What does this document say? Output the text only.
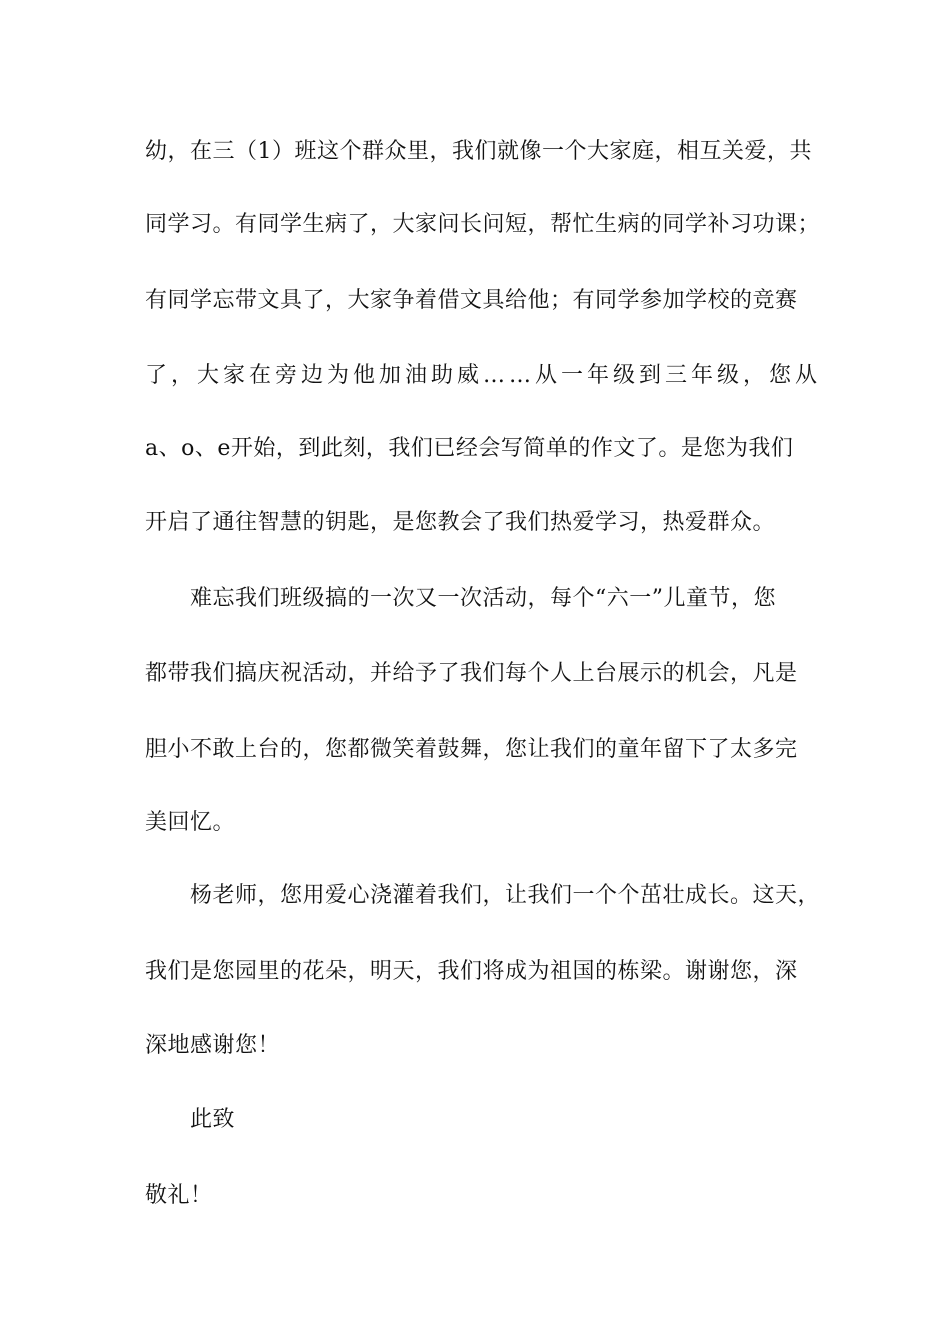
幼，在三（1）班这个群众里，我们就像一个大家庭，相互关爱，共
同学习。有同学生病了，大家问长问短，帮忙生病的同学补习功课；
有同学忘带文具了，大家争着借文具给他；有同学参加学校的竞赛
了，大家在旁边为他加油助威……从一年级到三年级，您从
a、o、e开始，到此刻，我们已经会写简单的作文了。是您为我们
开启了通往智慧的钥匙，是您教会了我们热爱学习，热爱群众。
难忘我们班级搞的一次又一次活动，每个“六一”儿童节，您
都带我们搞庆祝活动，并给予了我们每个人上台展示的机会，凡是
胆小不敢上台的，您都微笑着鼓舞，您让我们的童年留下了太多完
美回忆。
杨老师，您用爱心浇灌着我们，让我们一个个茁壮成长。这天，
我们是您园里的花朵，明天，我们将成为祖国的栋梁。谢谢您，深
深地感谢您！
此致
敬礼！
